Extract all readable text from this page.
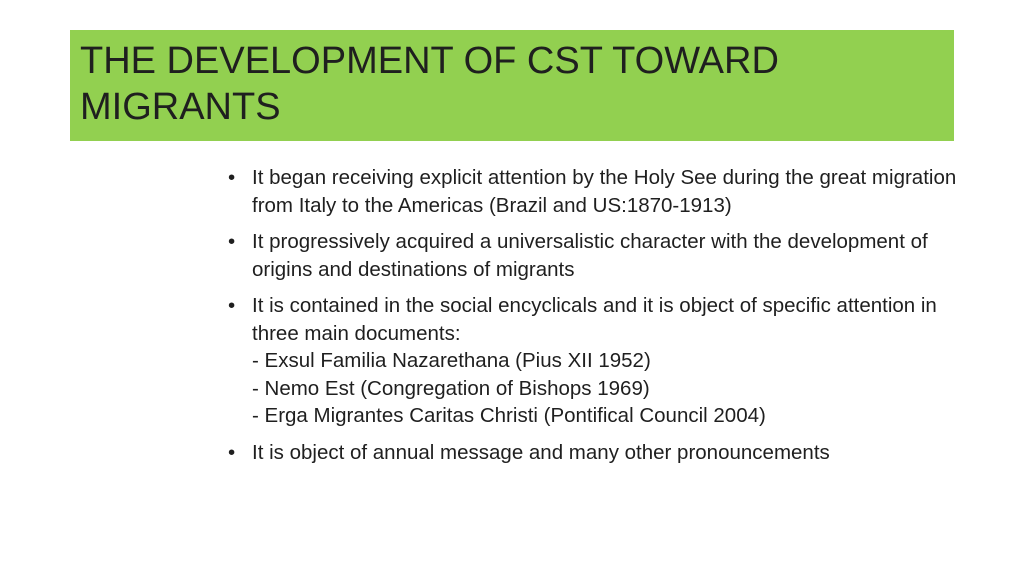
THE DEVELOPMENT OF CST TOWARD MIGRANTS
• It began receiving explicit attention by the Holy See during the great migration from Italy to the Americas (Brazil and US:1870-1913)
• It progressively acquired a universalistic character with the development of origins and destinations of migrants
• It is contained in the social encyclicals and it is object of specific attention in three main documents:
- Exsul Familia Nazarethana (Pius XII 1952)
- Nemo Est (Congregation of Bishops 1969)
- Erga Migrantes Caritas Christi (Pontifical Council 2004)
• It is object of annual message and many other pronouncements
